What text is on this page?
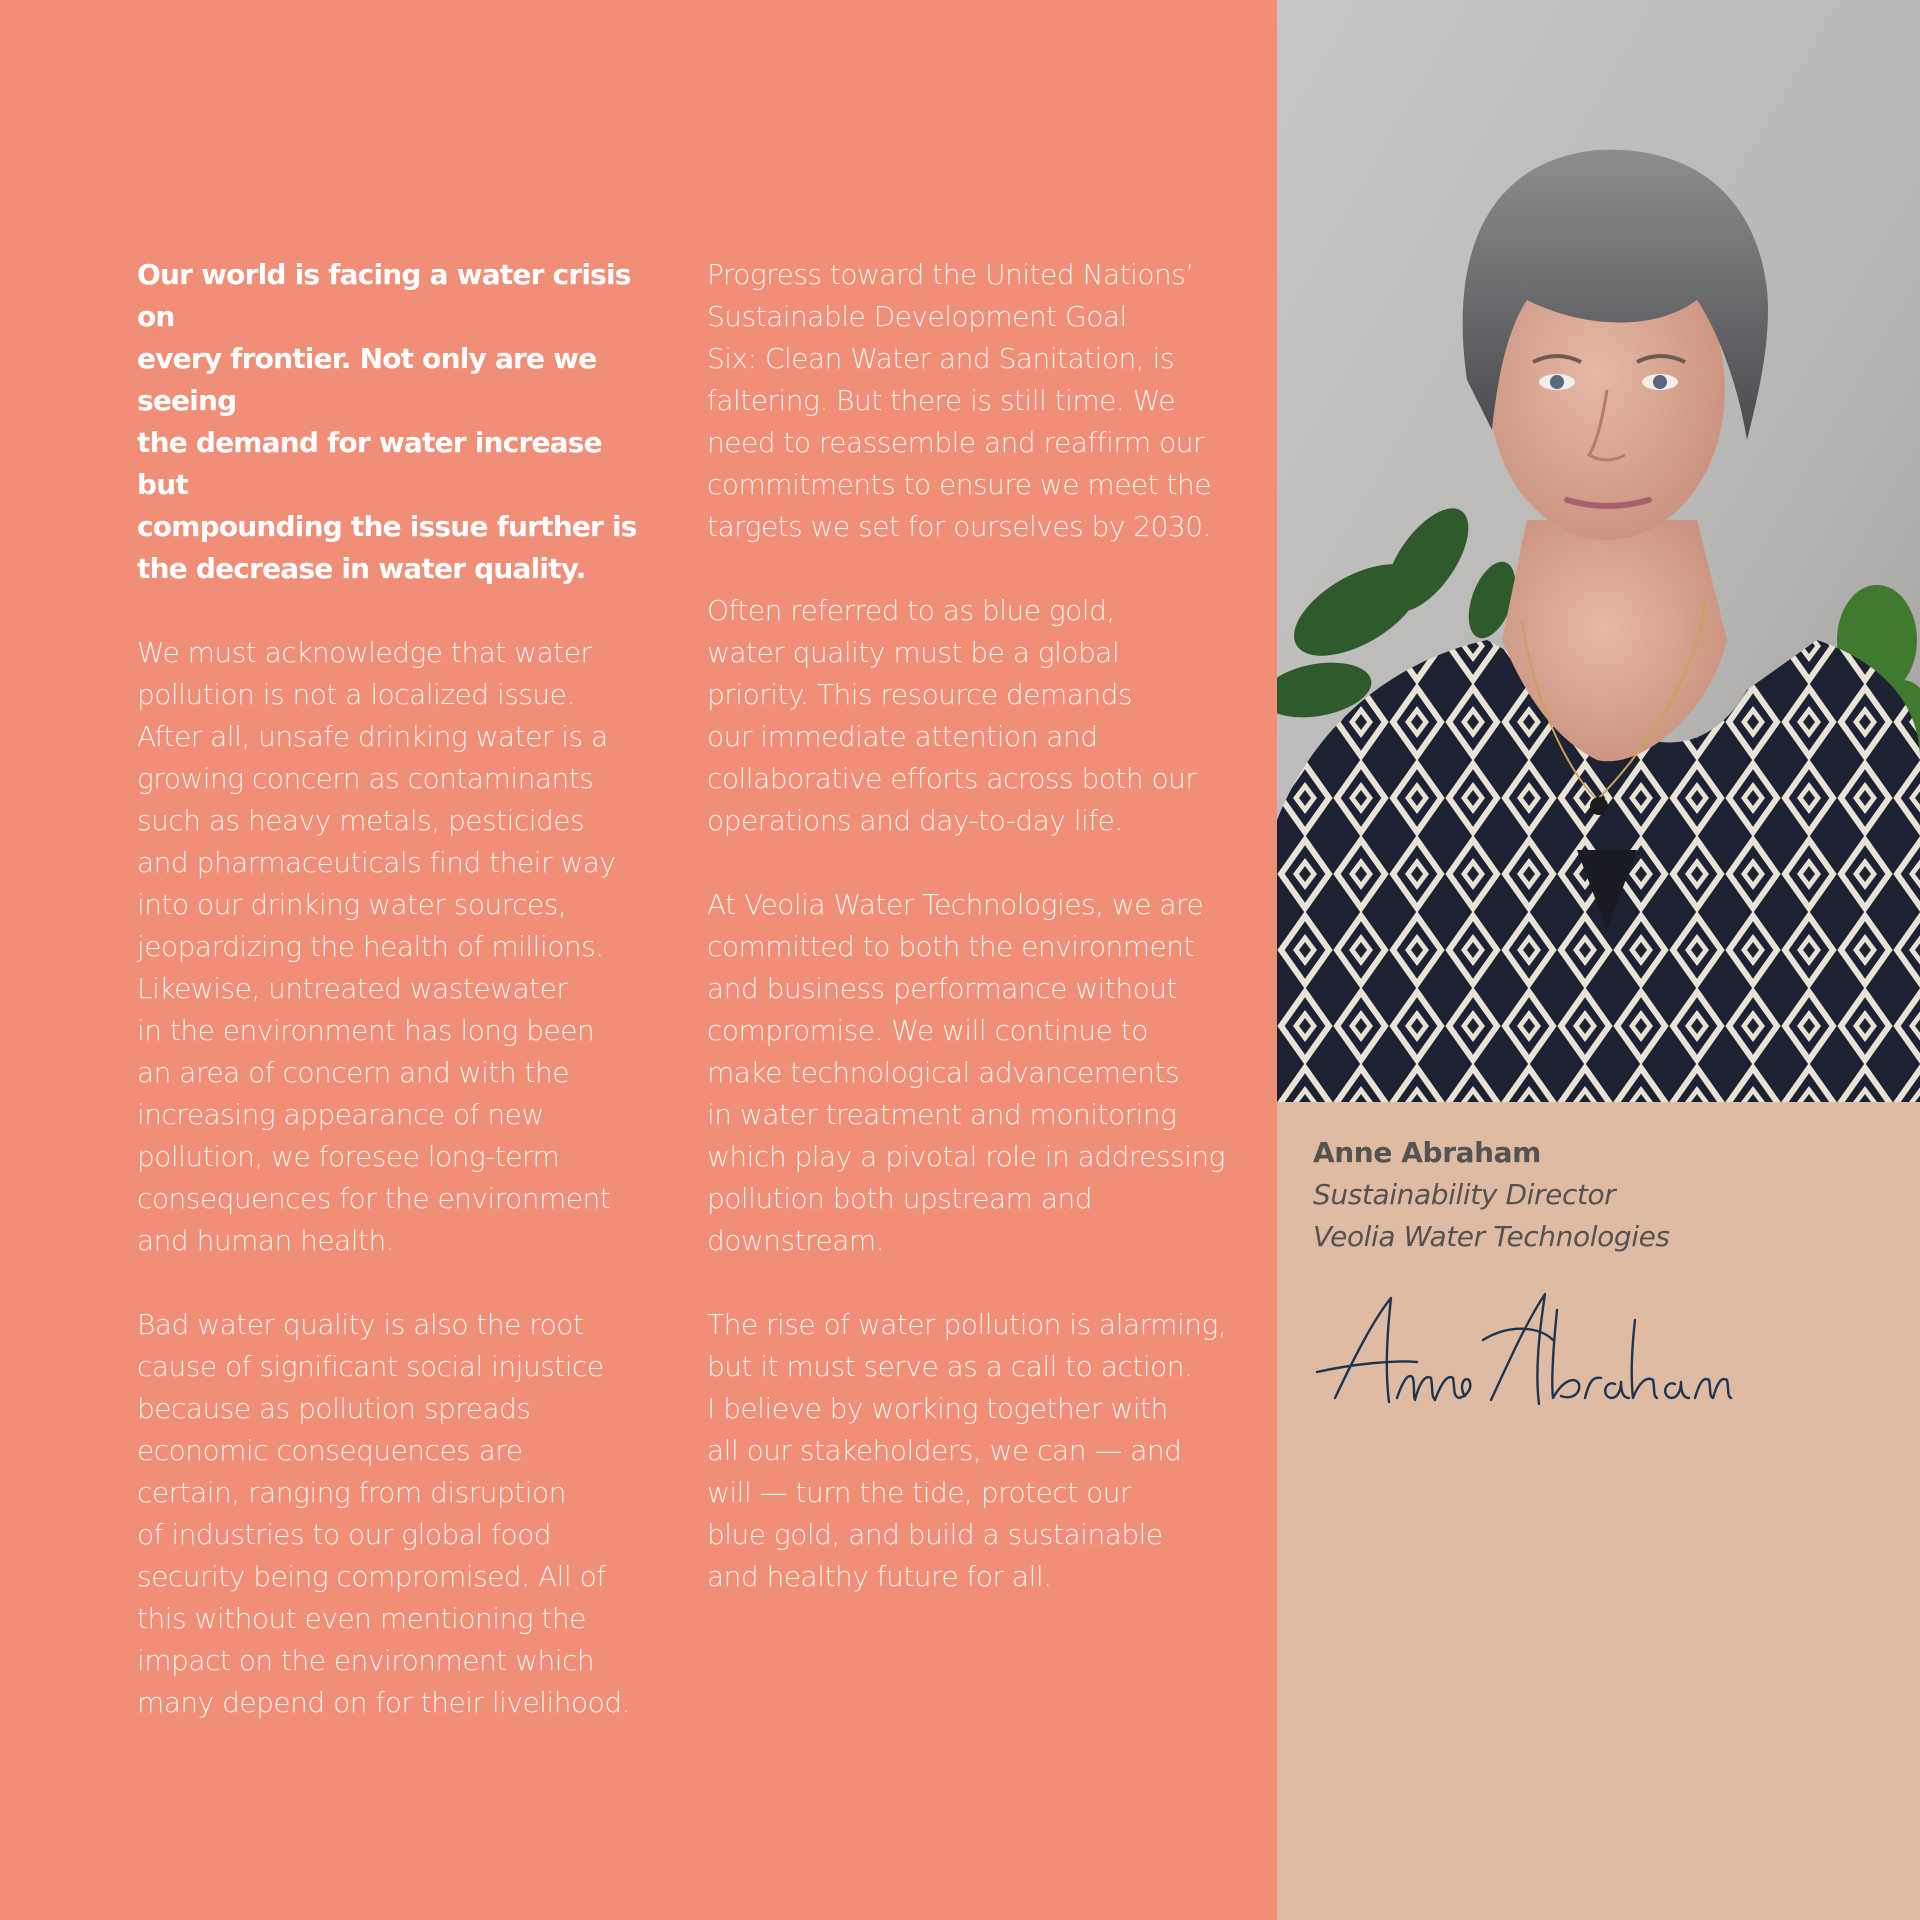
Our world is facing a water crisis on
every frontier. Not only are we seeing
the demand for water increase but
compounding the issue further is
the decrease in water quality.

We must acknowledge that water
pollution is not a localized issue.
After all, unsafe drinking water is a
growing concern as contaminants
such as heavy metals, pesticides
and pharmaceuticals find their way
into our drinking water sources,
jeopardizing the health of millions.
Likewise, untreated wastewater
in the environment has long been
an area of concern and with the
increasing appearance of new
pollution, we foresee long-term
consequences for the environment
and human health.

Bad water quality is also the root
cause of significant social injustice
because as pollution spreads
economic consequences are
certain, ranging from disruption
of industries to our global food
security being compromised. All of
this without even mentioning the
impact on the environment which
many depend on for their livelihood.

Progress toward the United Nations’
Sustainable Development Goal
Six: Clean Water and Sanitation, is
faltering. But there is still time. We
need to reassemble and reaffirm our
commitments to ensure we meet the
targets we set for ourselves by 2030.

Often referred to as blue gold,
water quality must be a global
priority. This resource demands
our immediate attention and
collaborative efforts across both our
operations and day-to-day life.

At Veolia Water Technologies, we are
committed to both the environment
and business performance without
compromise. We will continue to
make technological advancements
in water treatment and monitoring
which play a pivotal role in addressing
pollution both upstream and
downstream.

The rise of water pollution is alarming,
but it must serve as a call to action.
I believe by working together with
all our stakeholders, we can — and
will — turn the tide, protect our
blue gold, and build a sustainable
and healthy future for all.

Anne Abraham
Sustainability Director
Veolia Water Technologies
